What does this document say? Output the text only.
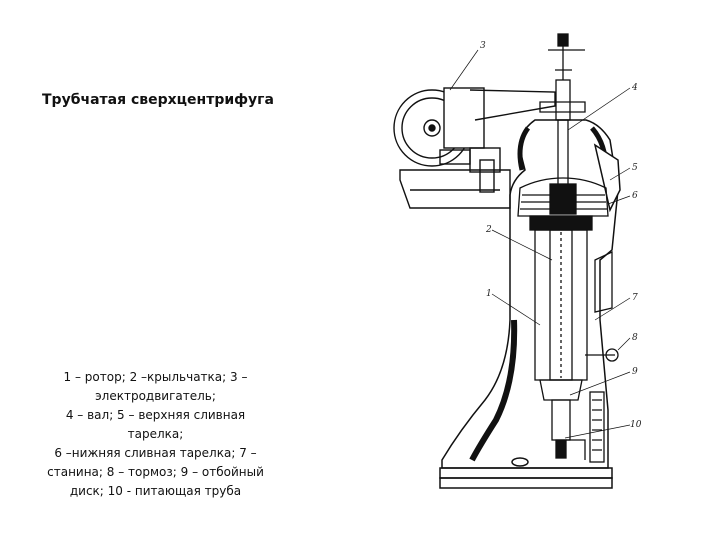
Трубчатая сверхцентрифуга
1 – ротор; 2 –крыльчатка; 3 –
электродвигатель;
4 – вал; 5 – верхняя сливная тарелка;
6 –нижняя сливная тарелка; 7 –
станина; 8 – тормоз; 9 – отбойный
диск; 10 - питающая труба
3
4
5
6
2
1	7
8
9
10
